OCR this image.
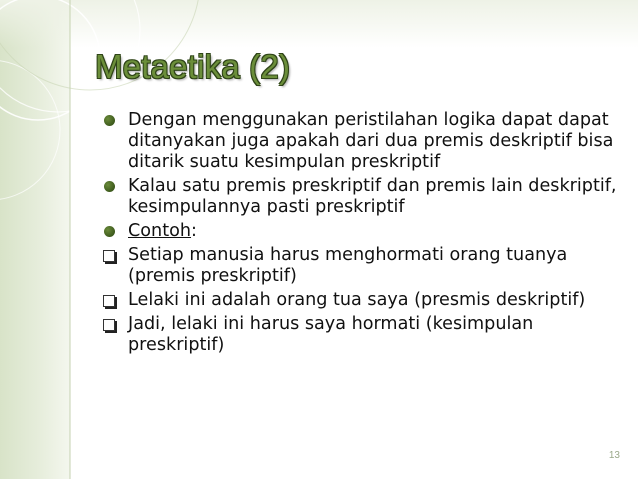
Metaetika (2)
Dengan menggunakan peristilahan logika dapat dapat ditanyakan juga apakah dari dua premis deskriptif bisa ditarik suatu kesimpulan preskriptif
Kalau satu premis preskriptif dan premis lain deskriptif, kesimpulannya pasti preskriptif
Contoh:
Setiap manusia harus menghormati orang tuanya (premis preskriptif)
Lelaki ini adalah orang tua saya (presmis deskriptif)
Jadi, lelaki ini harus saya hormati (kesimpulan preskriptif)
13
